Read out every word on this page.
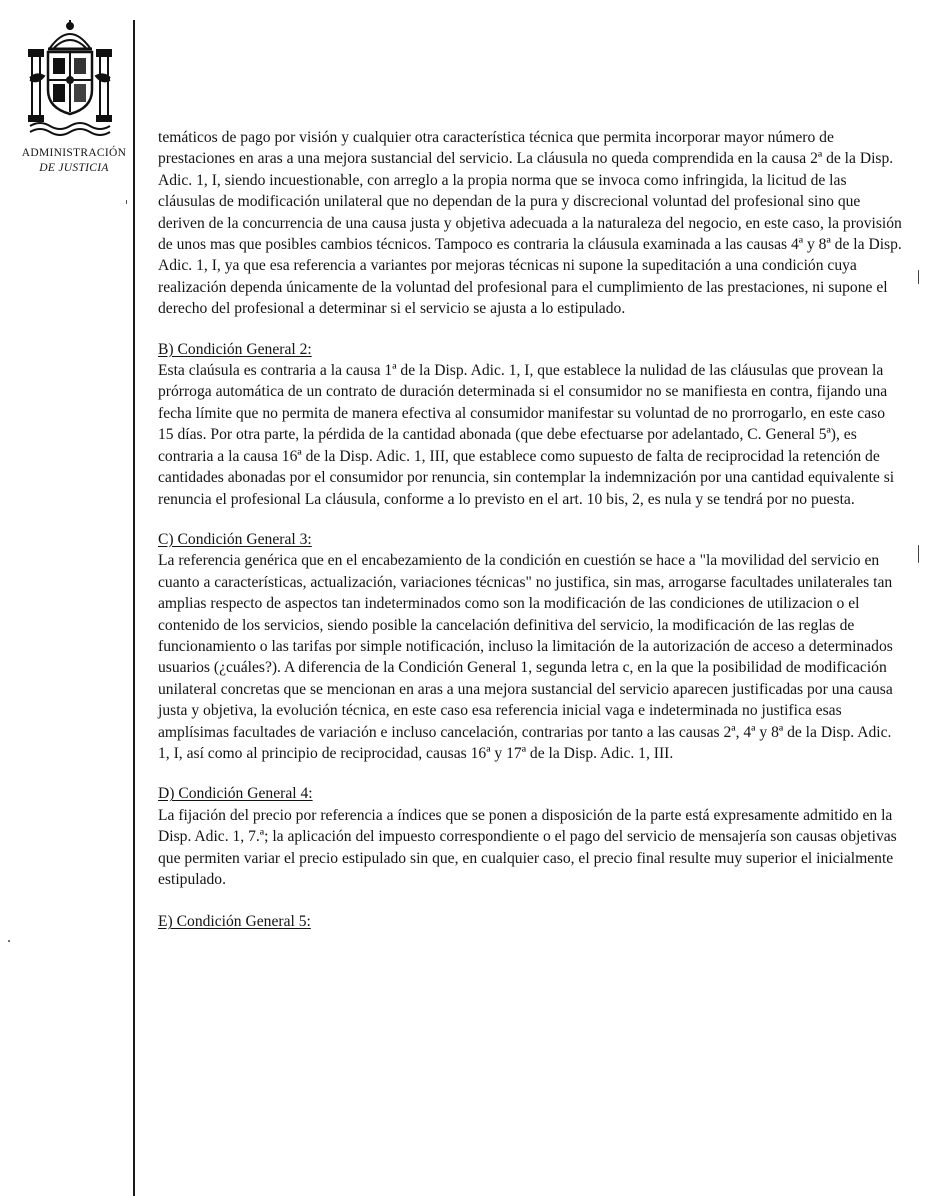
ADMINISTRACIÓN
DE JUSTICIA

temáticos de pago por visión y cualquier otra característica técnica que permita incorporar mayor número de prestaciones en aras a una mejora sustancial del servicio. La cláusula no queda comprendida en la causa 2ª de la Disp. Adic. 1, I, siendo incuestionable, con arreglo a la propia norma que se invoca como infringida, la licitud de las cláusulas de modificación unilateral que no dependan de la pura y discrecional voluntad del profesional sino que deriven de la concurrencia de una causa justa y objetiva adecuada a la naturaleza del negocio, en este caso, la provisión de unos mas que posibles cambios técnicos. Tampoco es contraria la cláusula examinada a las causas 4ª y 8ª de la Disp. Adic. 1, I, ya que esa referencia a variantes por mejoras técnicas ni supone la supeditación a una condición cuya realización dependa únicamente de la voluntad del profesional para el cumplimiento de las prestaciones, ni supone el derecho del profesional a determinar si el servicio se ajusta a lo estipulado.

B) Condición General 2:

Esta claúsula es contraria a la causa 1ª de la Disp. Adic. 1, I, que establece la nulidad de las cláusulas que provean la prórroga automática de un contrato de duración determinada si el consumidor no se manifiesta en contra, fijando una fecha límite que no permita de manera efectiva al consumidor manifestar su voluntad de no prorrogarlo, en este caso 15 días. Por otra parte, la pérdida de la cantidad abonada (que debe efectuarse por adelantado, C. General 5ª), es contraria a la causa 16ª de la Disp. Adic. 1, III, que establece como supuesto de falta de reciprocidad la retención de cantidades abonadas por el consumidor por renuncia, sin contemplar la indemnización por una cantidad equivalente si renuncia el profesional La cláusula, conforme a lo previsto en el art. 10 bis, 2, es nula y se tendrá por no puesta.

C) Condición General 3:

La referencia genérica que en el encabezamiento de la condición en cuestión se hace a "la movilidad del servicio en cuanto a características, actualización, variaciones técnicas" no justifica, sin mas, arrogarse facultades unilaterales tan amplias respecto de aspectos tan indeterminados como son la modificación de las condiciones de utilizacion o el contenido de los servicios, siendo posible la cancelación definitiva del servicio, la modificación de las reglas de funcionamiento o las tarifas por simple notificación, incluso la limitación de la autorización de acceso a determinados usuarios (¿cuáles?). A diferencia de la Condición General 1, segunda letra c, en la que la posibilidad de modificación unilateral concretas que se mencionan en aras a una mejora sustancial del servicio aparecen justificadas por una causa justa y objetiva, la evolución técnica, en este caso esa referencia inicial vaga e indeterminada no justifica esas amplísimas facultades de variación e incluso cancelación, contrarias por tanto a las causas 2ª, 4ª y 8ª de la Disp. Adic. 1, I, así como al principio de reciprocidad, causas 16ª y 17ª de la Disp. Adic. 1, III.

D) Condición General 4:

La fijación del precio por referencia a índices que se ponen a disposición de la parte está expresamente admitido en la Disp. Adic. 1, 7.ª; la aplicación del impuesto correspondiente o el pago del servicio de mensajería son causas objetivas que permiten variar el precio estipulado sin que, en cualquier caso, el precio final resulte muy superior el inicialmente estipulado.

E) Condición General 5:
